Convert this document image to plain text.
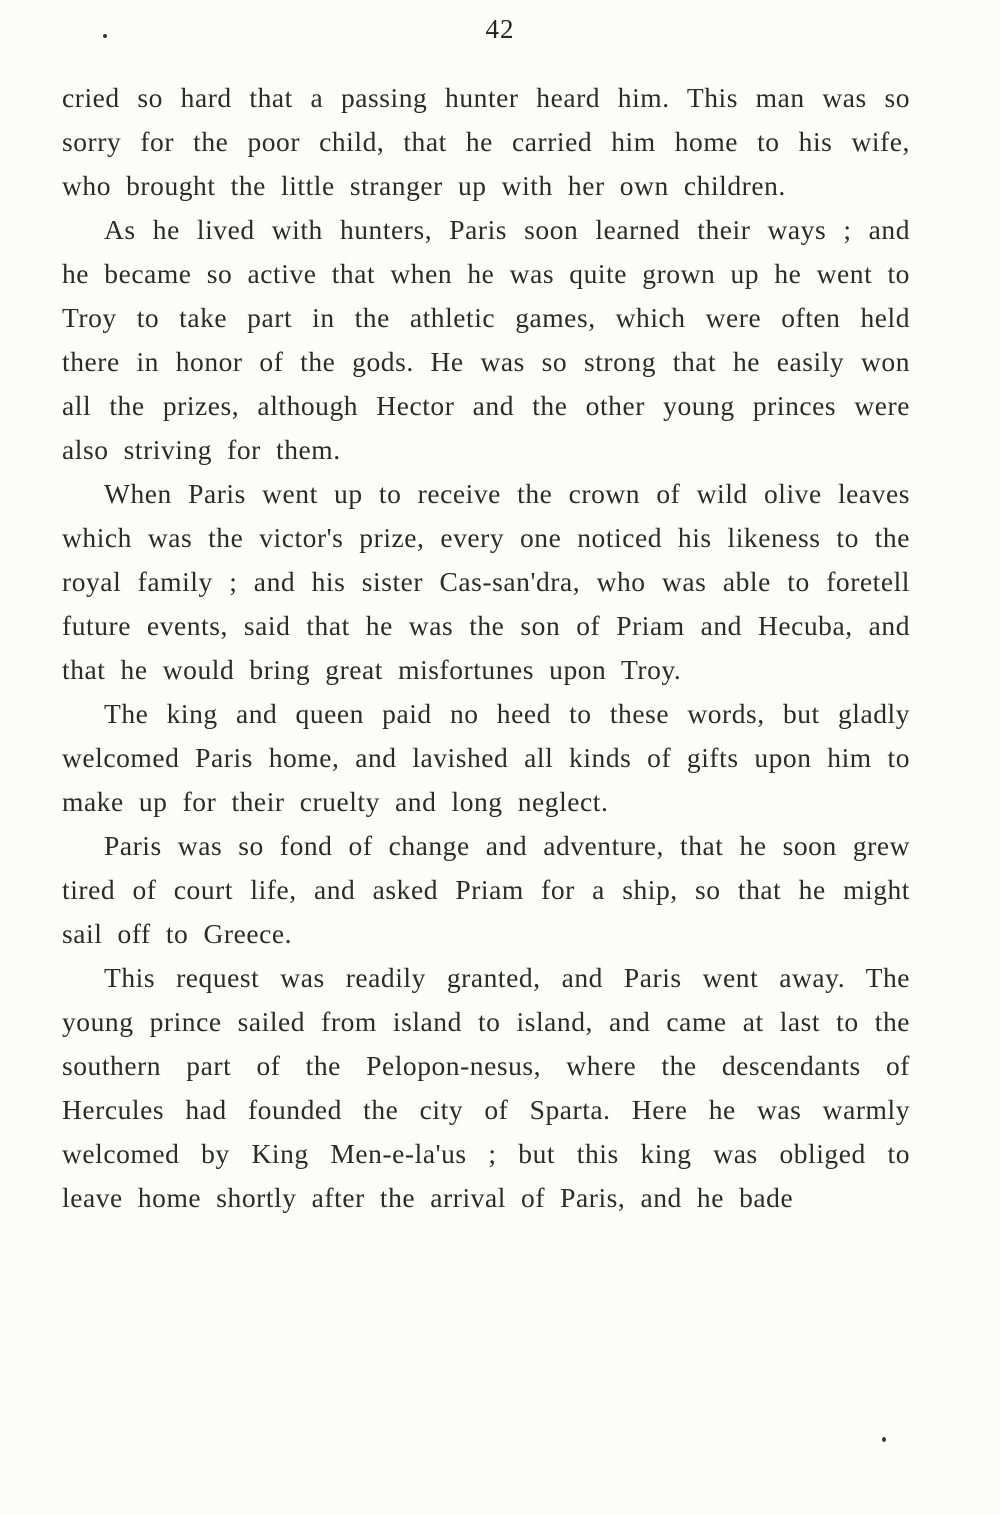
42

cried so hard that a passing hunter heard him. This man was so sorry for the poor child, that he carried him home to his wife, who brought the little stranger up with her own children.

As he lived with hunters, Paris soon learned their ways ; and he became so active that when he was quite grown up he went to Troy to take part in the athletic games, which were often held there in honor of the gods. He was so strong that he easily won all the prizes, although Hector and the other young princes were also striving for them.

When Paris went up to receive the crown of wild olive leaves which was the victor's prize, every one noticed his likeness to the royal family ; and his sister Cas-san'dra, who was able to foretell future events, said that he was the son of Priam and Hecuba, and that he would bring great misfortunes upon Troy.

The king and queen paid no heed to these words, but gladly welcomed Paris home, and lavished all kinds of gifts upon him to make up for their cruelty and long neglect.

Paris was so fond of change and adventure, that he soon grew tired of court life, and asked Priam for a ship, so that he might sail off to Greece.

This request was readily granted, and Paris went away. The young prince sailed from island to island, and came at last to the southern part of the Pelopon-nesus, where the descendants of Hercules had founded the city of Sparta. Here he was warmly welcomed by King Men-e-la'us ; but this king was obliged to leave home shortly after the arrival of Paris, and he bade
